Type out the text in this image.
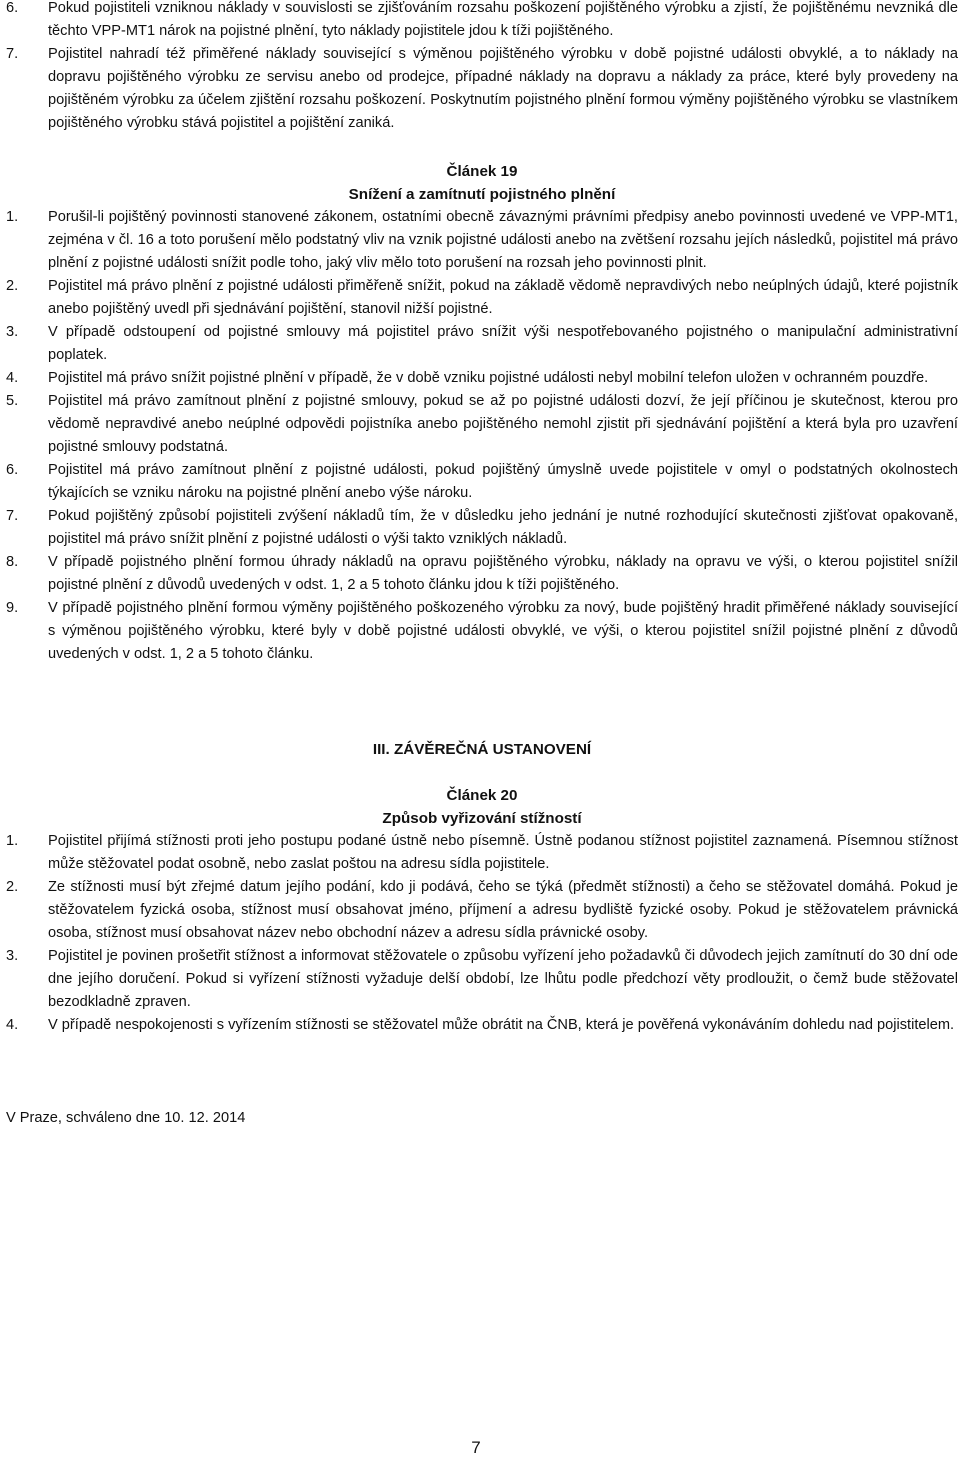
6.	Pokud pojistiteli vzniknou náklady v souvislosti se zjišťováním rozsahu poškození pojištěného výrobku a zjistí, že pojištěnému nevzniká dle těchto VPP-MT1 nárok na pojistné plnění, tyto náklady pojistitele jdou k tíži pojištěného.
7.	Pojistitel nahradí též přiměřené náklady související s výměnou pojištěného výrobku v době pojistné události obvyklé, a to náklady na dopravu pojištěného výrobku ze servisu anebo od prodejce, případné náklady na dopravu a náklady za práce, které byly provedeny na pojištěném výrobku za účelem zjištění rozsahu poškození. Poskytnutím pojistného plnění formou výměny pojištěného výrobku se vlastníkem pojištěného výrobku stává pojistitel a pojištění zaniká.
Článek 19
Snížení a zamítnutí pojistného plnění
1.	Porušil-li pojištěný povinnosti stanovené zákonem, ostatními obecně závaznými právními předpisy anebo povinnosti uvedené ve VPP-MT1, zejména v čl. 16 a toto porušení mělo podstatný vliv na vznik pojistné události anebo na zvětšení rozsahu jejích následků, pojistitel má právo plnění z pojistné události snížit podle toho, jaký vliv mělo toto porušení na rozsah jeho povinnosti plnit.
2.	Pojistitel má právo plnění z pojistné události přiměřeně snížit, pokud na základě vědomě nepravdivých nebo neúplných údajů, které pojistník anebo pojištěný uvedl při sjednávání pojištění, stanovil nižší pojistné.
3.	V případě odstoupení od pojistné smlouvy má pojistitel právo snížit výši nespotřebovaného pojistného o manipulační administrativní poplatek.
4.	Pojistitel má právo snížit pojistné plnění v případě, že v době vzniku pojistné události nebyl mobilní telefon uložen v ochranném pouzdře.
5.	Pojistitel má právo zamítnout plnění z pojistné smlouvy, pokud se až po pojistné události dozví, že její příčinou je skutečnost, kterou pro vědomě nepravdivé anebo neúplné odpovědi pojistníka anebo pojištěného nemohl zjistit při sjednávání pojištění a která byla pro uzavření pojistné smlouvy podstatná.
6.	Pojistitel má právo zamítnout plnění z pojistné události, pokud pojištěný úmyslně uvede pojistitele v omyl o podstatných okolnostech týkajících se vzniku nároku na pojistné plnění anebo výše nároku.
7.	Pokud pojištěný způsobí pojistiteli zvýšení nákladů tím, že v důsledku jeho jednání je nutné rozhodující skutečnosti zjišťovat opakovaně, pojistitel má právo snížit plnění z pojistné události o výši takto vzniklých nákladů.
8.	V případě pojistného plnění formou úhrady nákladů na opravu pojištěného výrobku, náklady na opravu ve výši, o kterou pojistitel snížil pojistné plnění z důvodů uvedených v odst. 1, 2 a 5 tohoto článku jdou k tíži pojištěného.
9.	V případě pojistného plnění formou výměny pojištěného poškozeného výrobku za nový, bude pojištěný hradit přiměřené náklady související s výměnou pojištěného výrobku, které byly v době pojistné události obvyklé, ve výši, o kterou pojistitel snížil pojistné plnění z důvodů uvedených v odst. 1, 2 a 5 tohoto článku.
III. ZÁVĚREČNÁ USTANOVENÍ
Článek 20
Způsob vyřizování stížností
1.	Pojistitel přijímá stížnosti proti jeho postupu podané ústně nebo písemně. Ústně podanou stížnost pojistitel zaznamená. Písemnou stížnost může stěžovatel podat osobně, nebo zaslat poštou na adresu sídla pojistitele.
2.	Ze stížnosti musí být zřejmé datum jejího podání, kdo ji podává, čeho se týká (předmět stížnosti) a čeho se stěžovatel domáhá. Pokud je stěžovatelem fyzická osoba, stížnost musí obsahovat jméno, příjmení a adresu bydliště fyzické osoby. Pokud je stěžovatelem právnická osoba, stížnost musí obsahovat název nebo obchodní název a adresu sídla právnické osoby.
3.	Pojistitel je povinen prošetřit stížnost a informovat stěžovatele o způsobu vyřízení jeho požadavků či důvodech jejich zamítnutí do 30 dní ode dne jejího doručení. Pokud si vyřízení stížnosti vyžaduje delší období, lze lhůtu podle předchozí věty prodloužit, o čemž bude stěžovatel bezodkladně zpraven.
4.	V případě nespokojenosti s vyřízením stížnosti se stěžovatel může obrátit na ČNB, která je pověřená vykonáváním dohledu nad pojistitelem.
V Praze, schváleno dne 10. 12. 2014
7
